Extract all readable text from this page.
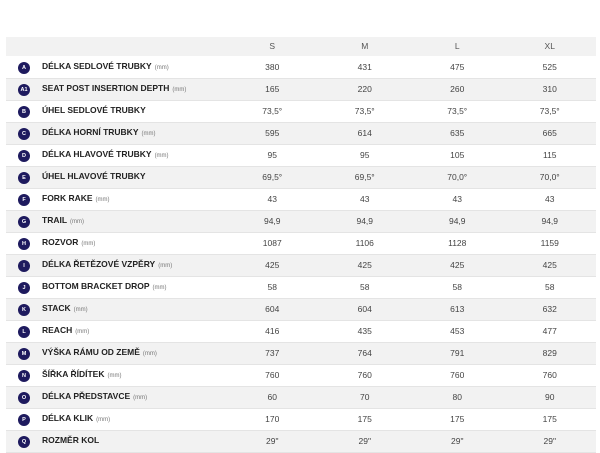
		S	M	L	XL
A	DÉLKA SEDLOVÉ TRUBKY (mm)	380	431	475	525
A1	SEAT POST INSERTION DEPTH (mm)	165	220	260	310
B	ÚHEL SEDLOVÉ TRUBKY	73,5°	73,5°	73,5°	73,5°
C	DÉLKA HORNÍ TRUBKY (mm)	595	614	635	665
D	DÉLKA HLAVOVÉ TRUBKY (mm)	95	95	105	115
E	ÚHEL HLAVOVÉ TRUBKY	69,5°	69,5°	70,0°	70,0°
F	FORK RAKE (mm)	43	43	43	43
G	TRAIL (mm)	94,9	94,9	94,9	94,9
H	ROZVOR (mm)	1087	1106	1128	1159
I	DÉLKA ŘETĚZOVÉ VZPĚRY (mm)	425	425	425	425
J	BOTTOM BRACKET DROP (mm)	58	58	58	58
K	STACK (mm)	604	604	613	632
L	REACH (mm)	416	435	453	477
M	VÝŠKA RÁMU OD ZEMĚ (mm)	737	764	791	829
N	ŠÍŘKA ŘÍDÍTEK (mm)	760	760	760	760
O	DÉLKA PŘEDSTAVCE (mm)	60	70	80	90
P	DÉLKA KLIK (mm)	170	175	175	175
Q	ROZMĚR KOL	29"	29"	29"	29"
